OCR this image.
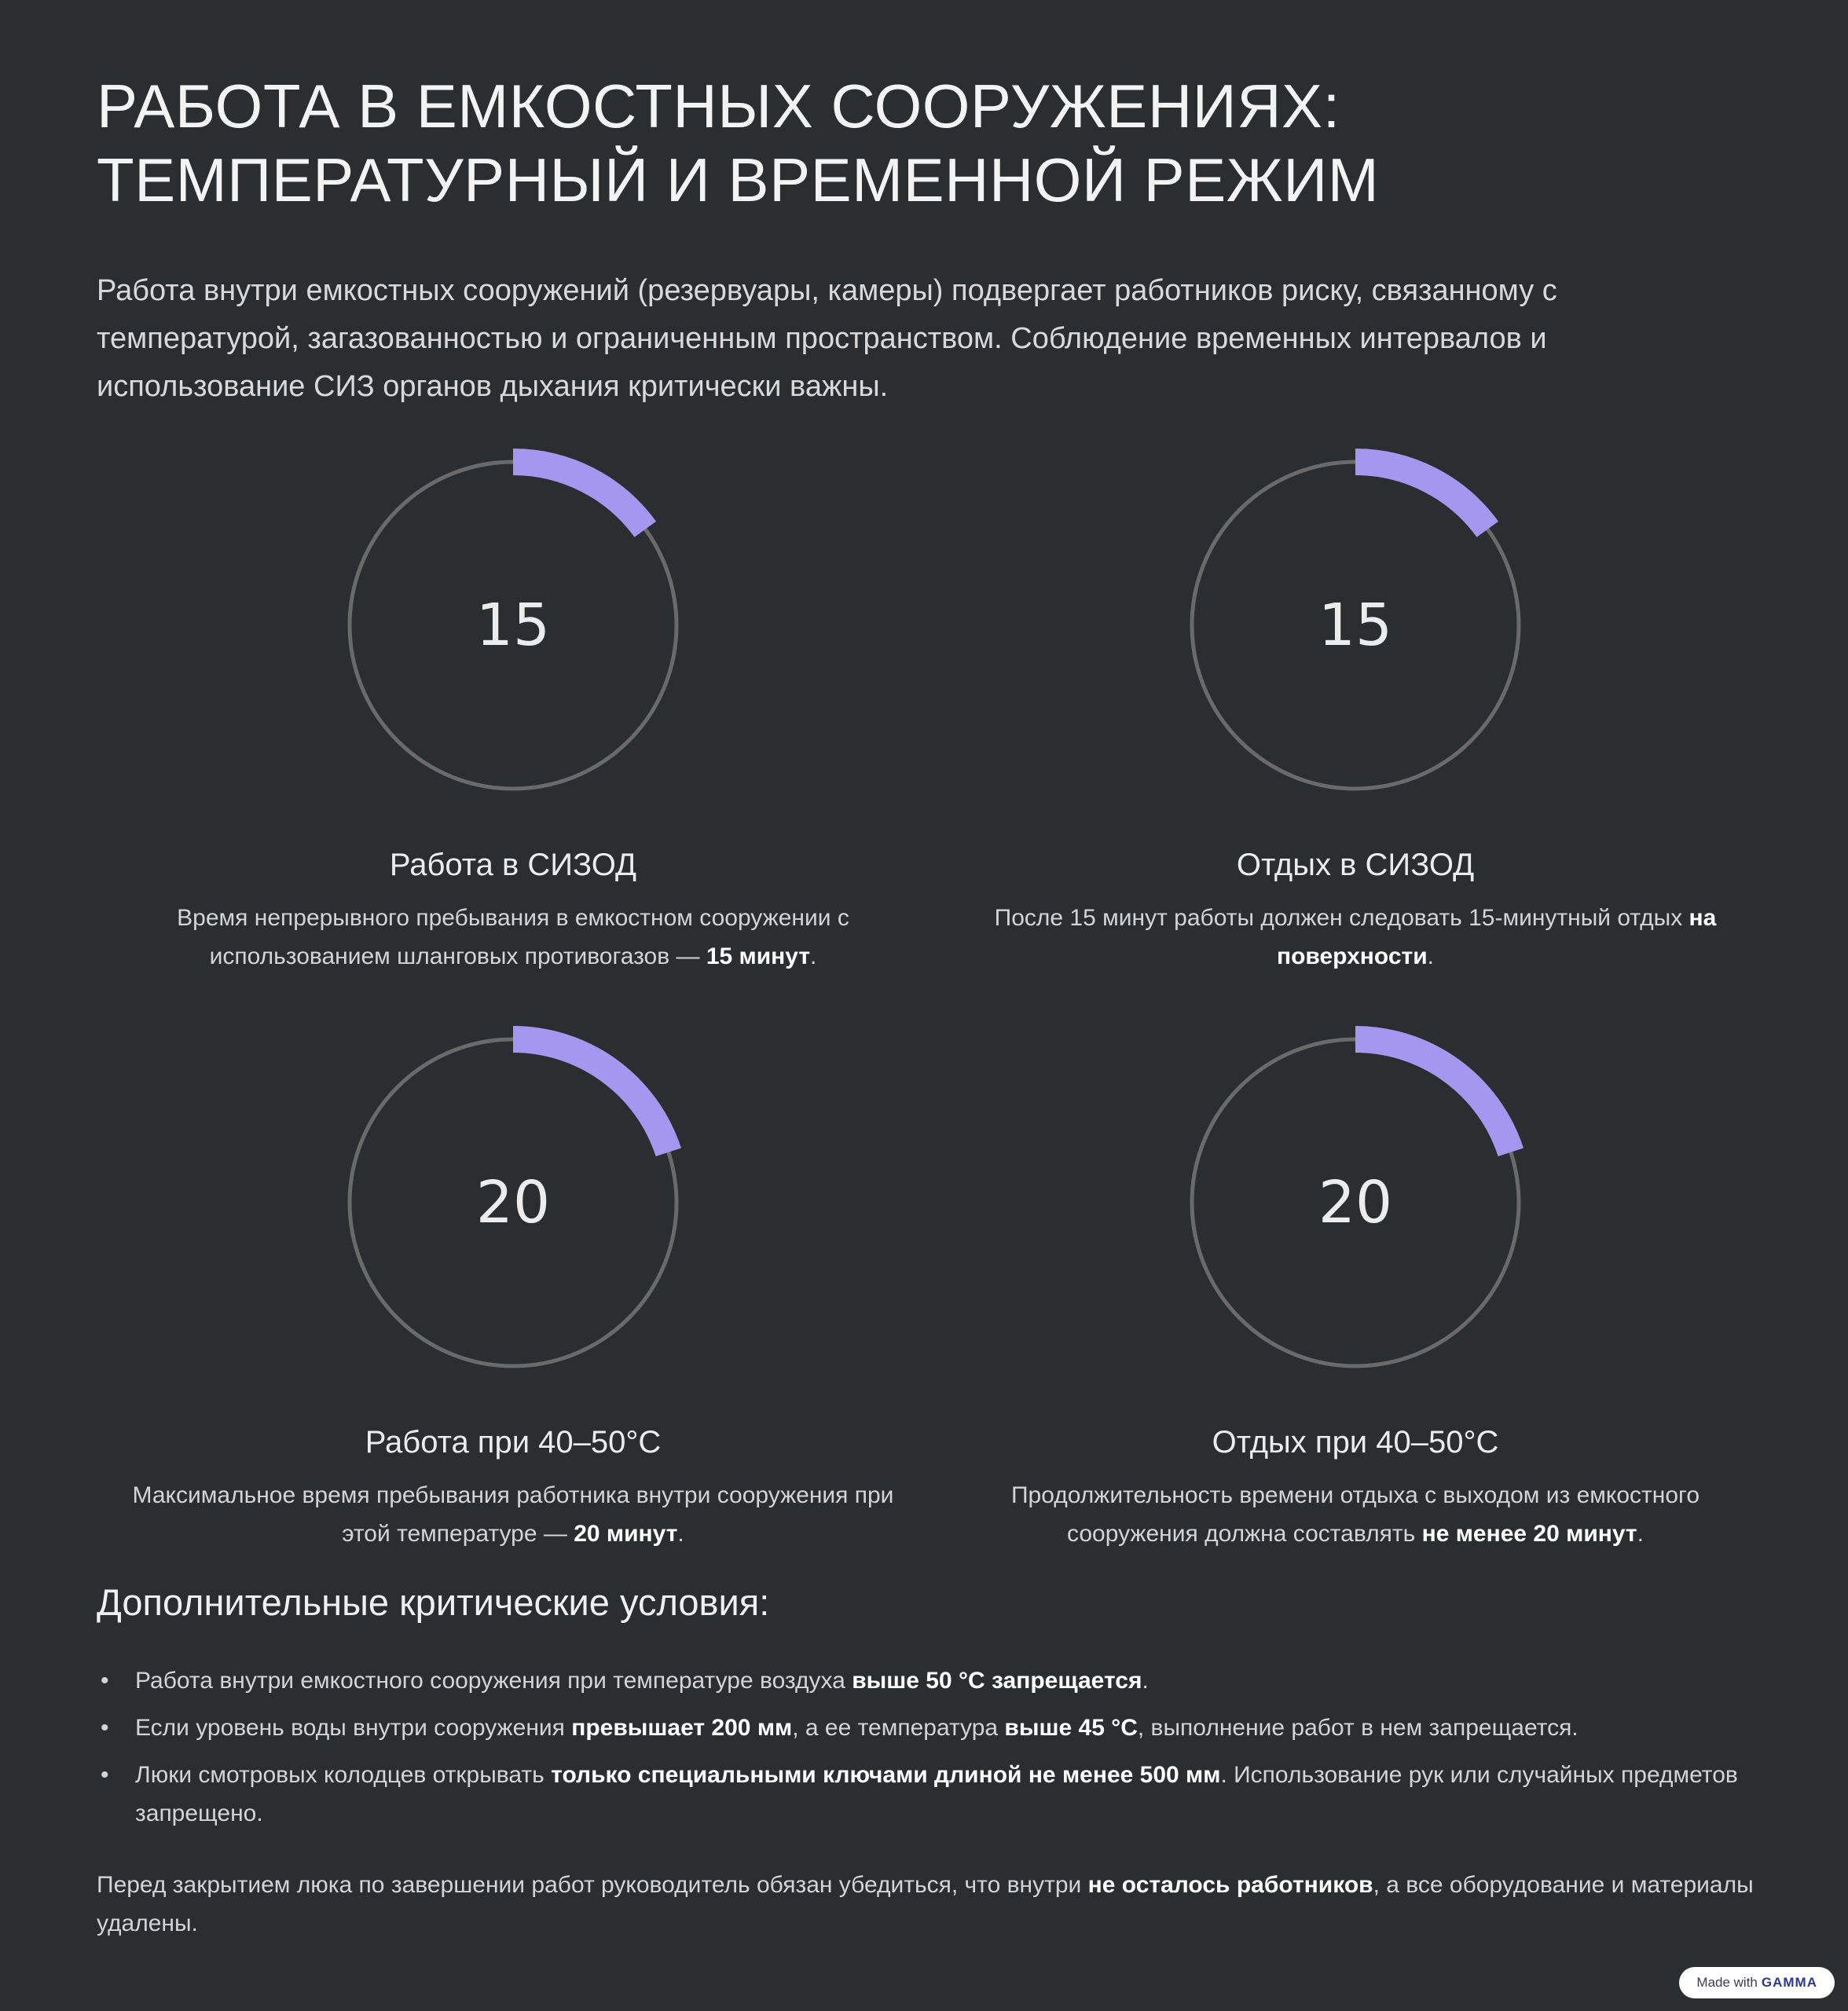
РАБОТА В ЕМКОСТНЫХ СООРУЖЕНИЯХ:
ТЕМПЕРАТУРНЫЙ И ВРЕМЕННОЙ РЕЖИМ

Работа внутри емкостных сооружений (резервуары, камеры) подвергает работников риску, связанному с температурой, загазованностью и ограниченным пространством. Соблюдение временных интервалов и использование СИЗ органов дыхания критически важны.

15
Работа в СИЗОД

Время непрерывного пребывания в емкостном сооружении с использованием шланговых противогазов — 15 минут.

15
Отдых в СИЗОД

После 15 минут работы должен следовать 15-минутный отдых на поверхности.

20
Работа при 40–50°C

Максимальное время пребывания работника внутри сооружения при этой температуре — 20 минут.

20
Отдых при 40–50°C

Продолжительность времени отдыха с выходом из емкостного сооружения должна составлять не менее 20 минут.

Дополнительные критические условия:
• Работа внутри емкостного сооружения при температуре воздуха выше 50 °С запрещается.
• Если уровень воды внутри сооружения превышает 200 мм, а ее температура выше 45 °С, выполнение работ в нем запрещается.
• Люки смотровых колодцев открывать только специальными ключами длиной не менее 500 мм. Использование рук или случайных предметов запрещено.

Перед закрытием люка по завершении работ руководитель обязан убедиться, что внутри не осталось работников, а все оборудование и материалы удалены.

Made with GAMMA
